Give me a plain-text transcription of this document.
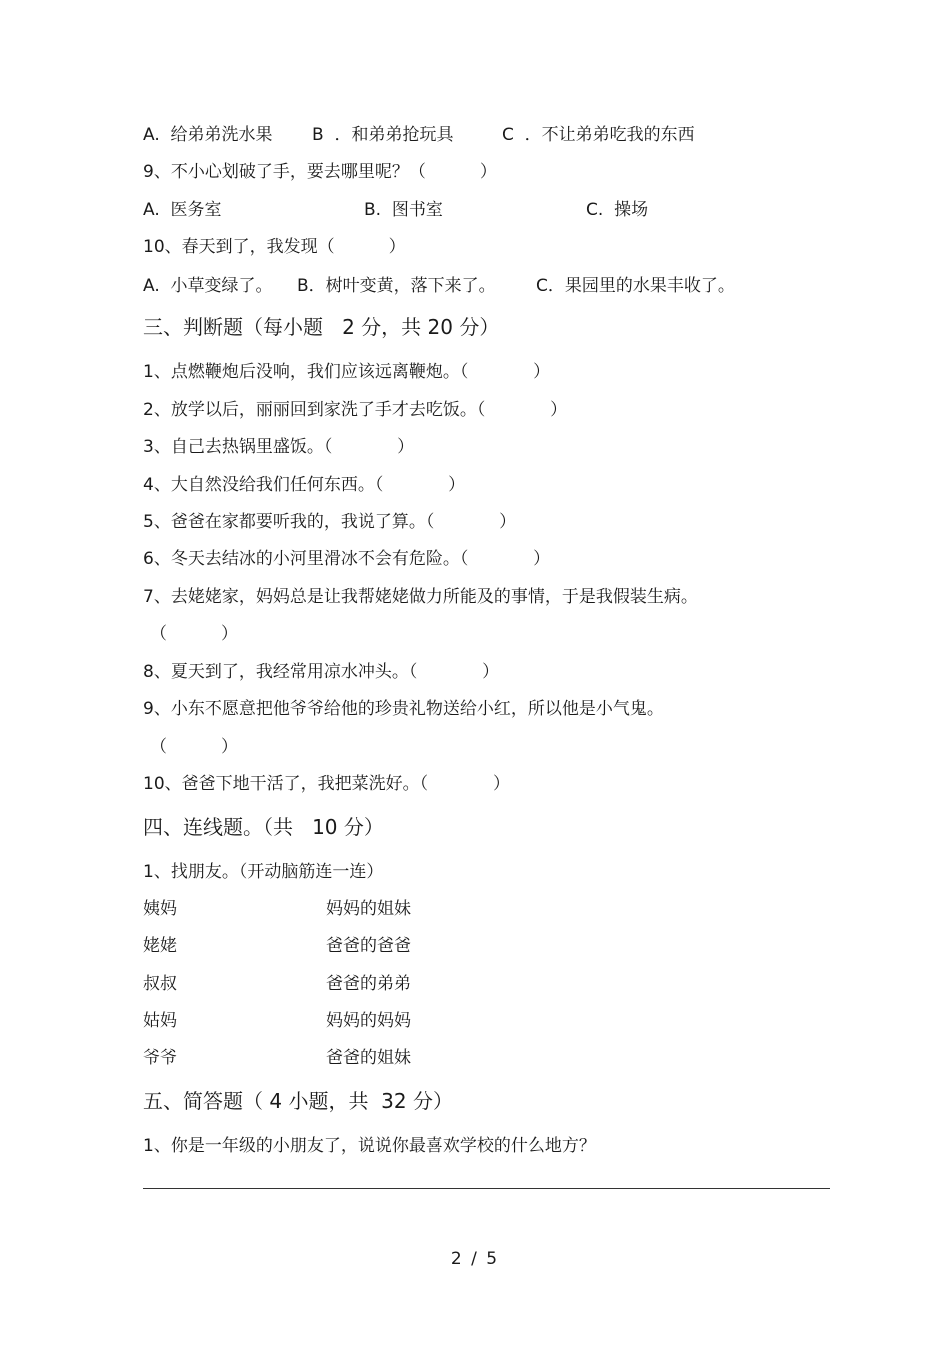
A.  给弟弟洗水果 B  ．和弟弟抢玩具	C  ．不让弟弟吃我的东西
9、不小心划破了手，要去哪里呢？（          ）
A.  医务室	B.  图书室	C.  操场
10、春天到了，我发现（          ）
A.  小草变绿了。 B．树叶变黄，落下来了。 C．果园里的水果丰收了。
三、判断题（每小题   2 分，共 20 分）
1、点燃鞭炮后没响，我们应该远离鞭炮。（            ）
2、放学以后，丽丽回到家洗了手才去吃饭。（            ）
3、自己去热锅里盛饭。（            ）
4、大自然没给我们任何东西。（            ）
5、爸爸在家都要听我的，我说了算。（            ）
6、冬天去结冰的小河里滑冰不会有危险。（            ）
7、去姥姥家，妈妈总是让我帮姥姥做力所能及的事情，于是我假装生病。
（          ）
8、夏天到了，我经常用凉水冲头。（            ）
9、小东不愿意把他爷爷给他的珍贵礼物送给小红，所以他是小气鬼。
（          ）
10、爸爸下地干活了，我把菜洗好。（            ）
四、连线题。（共   10 分）
1、找朋友。（开动脑筋连一连）
姨妈	妈妈的姐妹
姥姥	爸爸的爸爸
叔叔	爸爸的弟弟
姑妈	妈妈的妈妈
爷爷	爸爸的姐妹
五、简答题（ 4 小题，共  32 分）
1、你是一年级的小朋友了，说说你最喜欢学校的什么地方？
2 / 5
